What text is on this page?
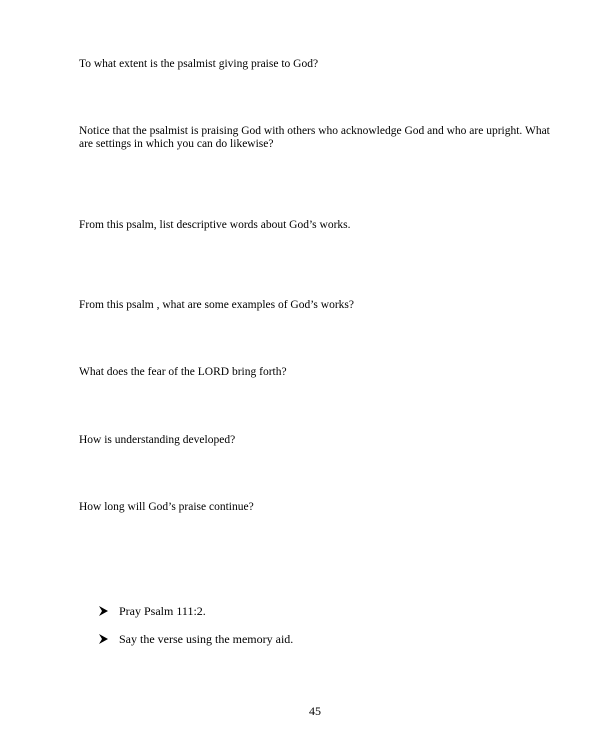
To what extent is the psalmist giving praise to God?

Notice that the psalmist is praising God with others who acknowledge God and who are upright. What are settings in which you can do likewise?

From this psalm, list descriptive words about God’s works.

From this psalm , what are some examples of God’s works?

What does the fear of the LORD bring forth?

How is understanding developed?

How long will God’s praise continue?

Pray Psalm 111:2.
Say the verse using the memory aid.

45
